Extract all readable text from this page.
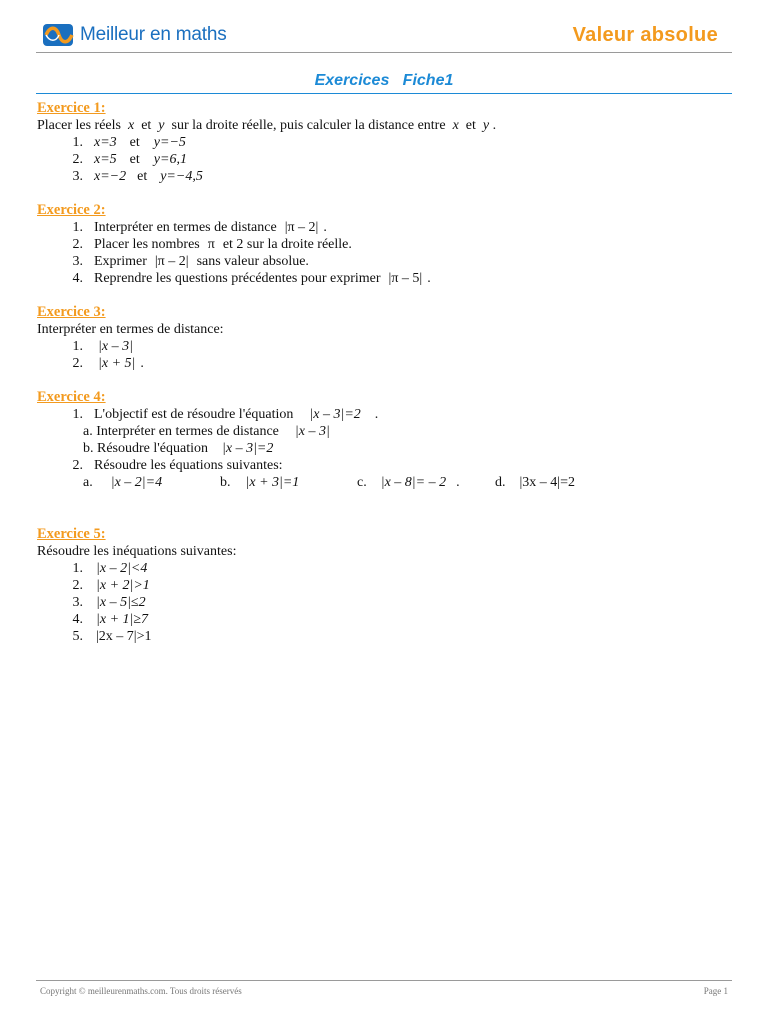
Meilleur en maths	Valeur absolue
Exercices   Fiche1
Exercice 1:
Placer les réels x et y sur la droite réelle, puis calculer la distance entre x et y .
1. x=3 et y=−5
2. x=5 et y=6,1
3. x=−2 et y=−4,5
Exercice 2:
1. Interpréter en termes de distance |π – 2| .
2. Placer les nombres π et 2 sur la droite réelle.
3. Exprimer |π – 2| sans valeur absolue.
4. Reprendre les questions précédentes pour exprimer |π – 5| .
Exercice 3:
Interpréter en termes de distance:
1.	|x – 3|
2.	|x + 5| .
Exercice 4:
1. L'objectif est de résoudre l'équation |x – 3|=2 .
a. Interpréter en termes de distance |x – 3|
b. Résoudre l'équation |x – 3|=2
2. Résoudre les équations suivantes:
a. |x – 2|=4	b. |x + 3|=1	c. |x – 8|= – 2 .	d. |3x – 4|=2
Exercice 5:
Résoudre les inéquations suivantes:
1. |x – 2|<4
2. |x + 2|>1
3. |x – 5|≤2
4. |x + 1|≥7
5. |2x – 7|>1
Copyright © meilleurenmaths.com. Tous droits réservés	Page 1
